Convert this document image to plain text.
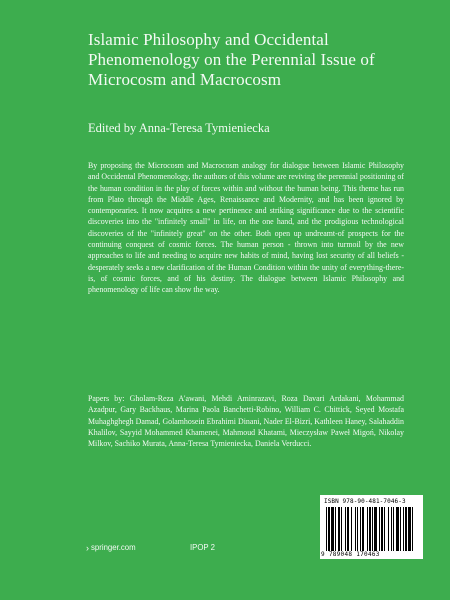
Islamic Philosophy and Occidental Phenomenology on the Perennial Issue of Microcosm and Macrocosm

Edited by Anna-Teresa Tymieniecka

By proposing the Microcosm and Macrocosm analogy for dialogue between Islamic Philosophy and Occidental Phenomenology, the authors of this volume are reviving the perennial positioning of the human condition in the play of forces within and without the human being. This theme has run from Plato through the Middle Ages, Renaissance and Modernity, and has been ignored by contemporaries. It now acquires a new pertinence and striking significance due to the scientific discoveries into the "infinitely small" in life, on the one hand, and the prodigious technological discoveries of the "infinitely great" on the other. Both open up undreamt-of prospects for the continuing conquest of cosmic forces. The human person - thrown into turmoil by the new approaches to life and needing to acquire new habits of mind, having lost security of all beliefs - desperately seeks a new clarification of the Human Condition within the unity of everything-there-is, of cosmic forces, and of his destiny. The dialogue between Islamic Philosophy and phenomenology of life can show the way.

Papers by: Gholam-Reza A'awani, Mehdi Aminrazavi, Roza Davari Ardakani, Mohammad Azadpur, Gary Backhaus, Marina Paola Banchetti-Robino, William C. Chittick, Seyed Mostafa Muhaghghegh Damad, Golamhosein Ebrahimi Dinani, Nader El-Bizri, Kathleen Haney, Salahaddin Khalilov, Sayyid Mohammed Khamenei, Mahmoud Khatami, Mieczysław Paweł Migoń, Nikolay Milkov, Sachiko Murata, Anna-Teresa Tymieniecka, Daniela Verducci.

ISBN 978-90-481-7046-3
9 789048 170463
› springer.com	IPOP 2
